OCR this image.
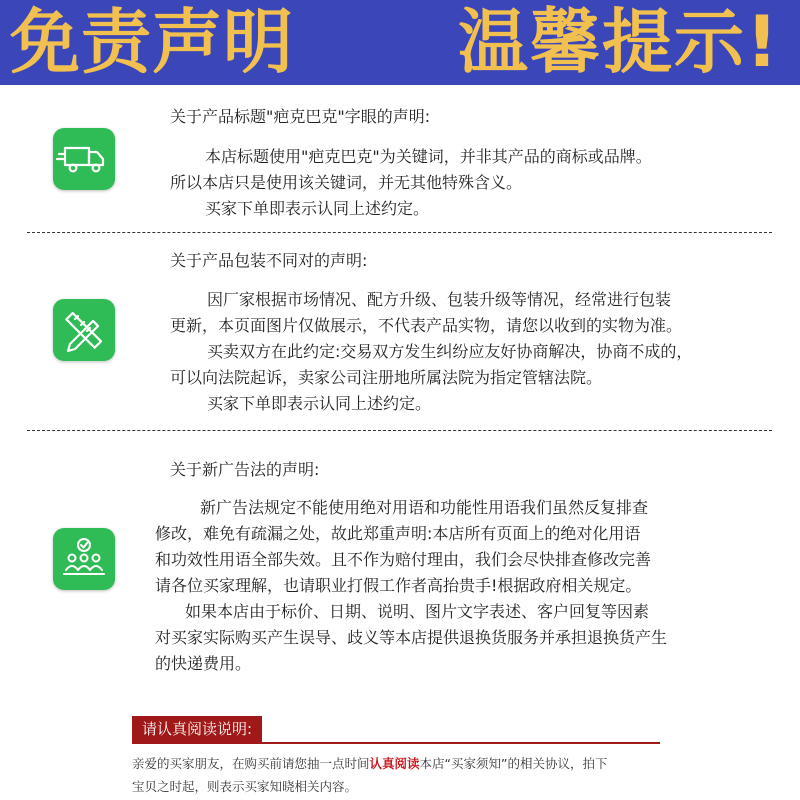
免责声明 温馨提示!
关于产品标题"疤克巴克"字眼的声明:
本店标题使用"疤克巴克"为关键词，并非其产品的商标或品牌。
所以本店只是使用该关键词，并无其他特殊含义。
买家下单即表示认同上述约定。
关于产品包装不同对的声明:
因厂家根据市场情况、配方升级、包装升级等情况，经常进行包装
更新，本页面图片仅做展示，不代表产品实物，请您以收到的实物为准。
买卖双方在此约定:交易双方发生纠纷应友好协商解决，协商不成的，
可以向法院起诉，卖家公司注册地所属法院为指定管辖法院。
买家下单即表示认同上述约定。
关于新广告法的声明:
新广告法规定不能使用绝对用语和功能性用语我们虽然反复排查
修改，难免有疏漏之处，故此郑重声明:本店所有页面上的绝对化用语
和功效性用语全部失效。且不作为赔付理由，我们会尽快排查修改完善
请各位买家理解，也请职业打假工作者高抬贵手!根据政府相关规定。
如果本店由于标价、日期、说明、图片文字表述、客户回复等因素
对买家实际购买产生误导、歧义等本店提供退换货服务并承担退换货产生
的快递费用。
请认真阅读说明:
亲爱的买家朋友，在购买前请您抽一点时间认真阅读本店“买家须知”的相关协议，拍下
宝贝之时起，则表示买家知晓相关内容。
